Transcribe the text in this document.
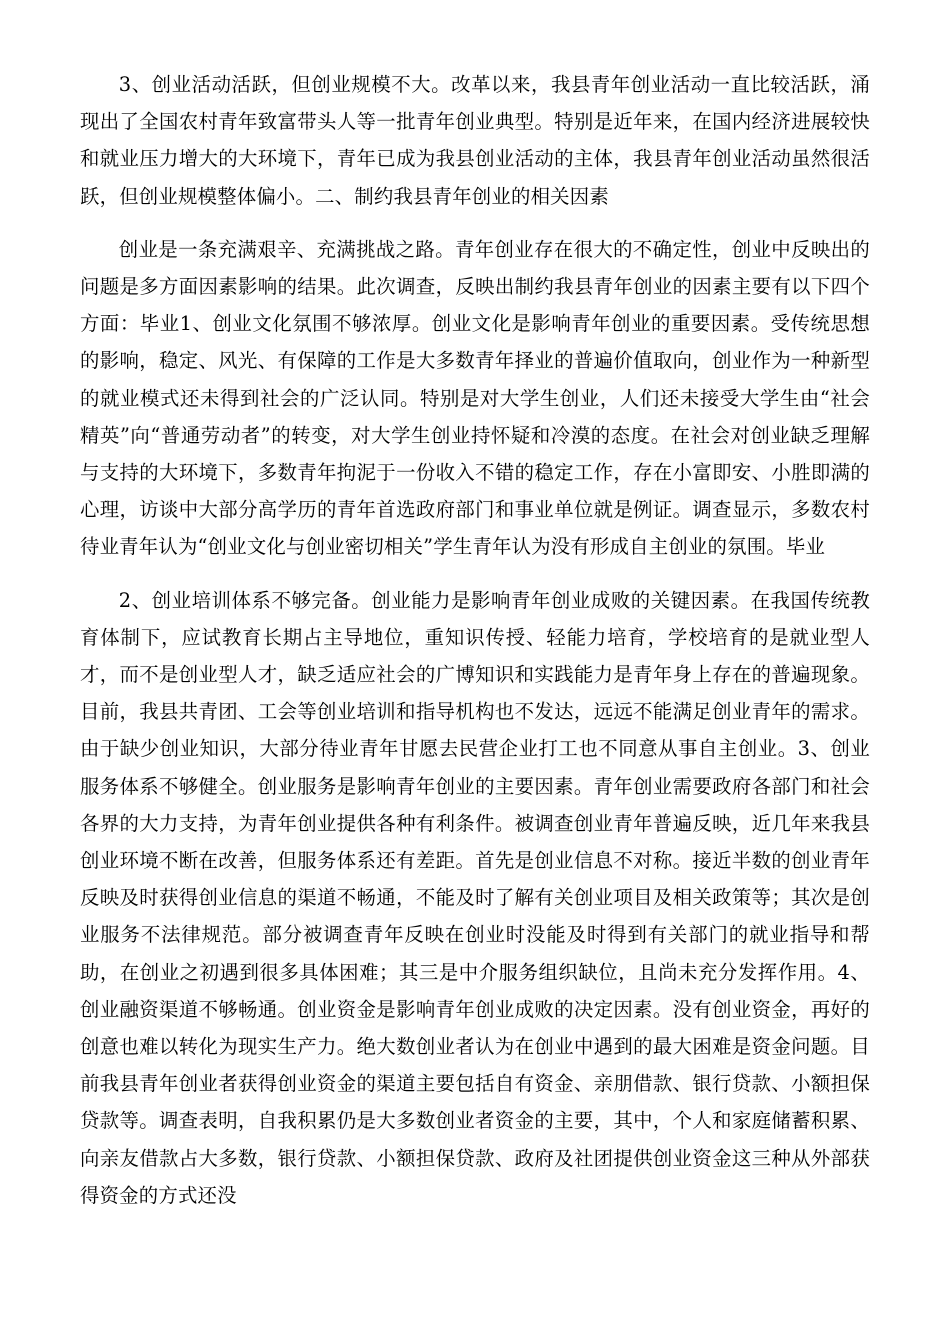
3、创业活动活跃，但创业规模不大。改革以来，我县青年创业活动一直比较活跃，涌现出了全国农村青年致富带头人等一批青年创业典型。特别是近年来，在国内经济进展较快和就业压力增大的大环境下，青年已成为我县创业活动的主体，我县青年创业活动虽然很活跃，但创业规模整体偏小。二、制约我县青年创业的相关因素

创业是一条充满艰辛、充满挑战之路。青年创业存在很大的不确定性，创业中反映出的问题是多方面因素影响的结果。此次调查，反映出制约我县青年创业的因素主要有以下四个方面：毕业1、创业文化氛围不够浓厚。创业文化是影响青年创业的重要因素。受传统思想的影响，稳定、风光、有保障的工作是大多数青年择业的普遍价值取向，创业作为一种新型的就业模式还未得到社会的广泛认同。特别是对大学生创业，人们还未接受大学生由“社会精英”向“普通劳动者”的转变，对大学生创业持怀疑和冷漠的态度。在社会对创业缺乏理解与支持的大环境下，多数青年拘泥于一份收入不错的稳定工作，存在小富即安、小胜即满的心理，访谈中大部分高学历的青年首选政府部门和事业单位就是例证。调查显示，多数农村待业青年认为“创业文化与创业密切相关”学生青年认为没有形成自主创业的氛围。毕业

2、创业培训体系不够完备。创业能力是影响青年创业成败的关键因素。在我国传统教育体制下，应试教育长期占主导地位，重知识传授、轻能力培育，学校培育的是就业型人才，而不是创业型人才，缺乏适应社会的广博知识和实践能力是青年身上存在的普遍现象。目前，我县共青团、工会等创业培训和指导机构也不发达，远远不能满足创业青年的需求。由于缺少创业知识，大部分待业青年甘愿去民营企业打工也不同意从事自主创业。3、创业服务体系不够健全。创业服务是影响青年创业的主要因素。青年创业需要政府各部门和社会各界的大力支持，为青年创业提供各种有利条件。被调查创业青年普遍反映，近几年来我县创业环境不断在改善，但服务体系还有差距。首先是创业信息不对称。接近半数的创业青年反映及时获得创业信息的渠道不畅通，不能及时了解有关创业项目及相关政策等；其次是创业服务不法律规范。部分被调查青年反映在创业时没能及时得到有关部门的就业指导和帮助，在创业之初遇到很多具体困难；其三是中介服务组织缺位，且尚未充分发挥作用。4、创业融资渠道不够畅通。创业资金是影响青年创业成败的决定因素。没有创业资金，再好的创意也难以转化为现实生产力。绝大数创业者认为在创业中遇到的最大困难是资金问题。目前我县青年创业者获得创业资金的渠道主要包括自有资金、亲朋借款、银行贷款、小额担保贷款等。调查表明，自我积累仍是大多数创业者资金的主要，其中，个人和家庭储蓄积累、向亲友借款占大多数，银行贷款、小额担保贷款、政府及社团提供创业资金这三种从外部获得资金的方式还没
